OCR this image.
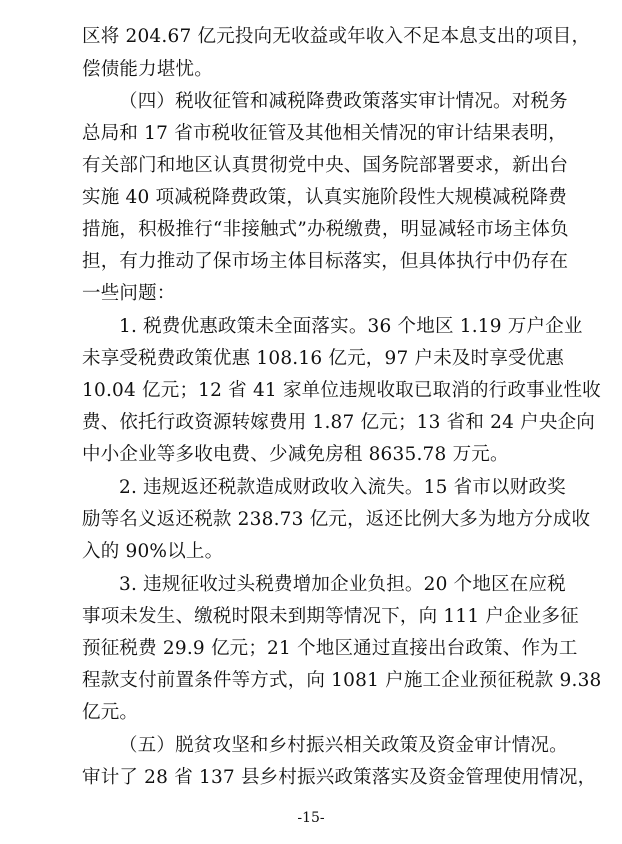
区将 204.67 亿元投向无收益或年收入不足本息支出的项目，
偿债能力堪忧。
（四）税收征管和减税降费政策落实审计情况。对税务
总局和 17 省市税收征管及其他相关情况的审计结果表明，
有关部门和地区认真贯彻党中央、国务院部署要求，新出台
实施 40 项减税降费政策，认真实施阶段性大规模减税降费
措施，积极推行“非接触式”办税缴费，明显减轻市场主体负
担，有力推动了保市场主体目标落实，但具体执行中仍存在
一些问题：
1. 税费优惠政策未全面落实。36 个地区 1.19 万户企业
未享受税费政策优惠 108.16 亿元，97 户未及时享受优惠
10.04 亿元；12 省 41 家单位违规收取已取消的行政事业性收
费、依托行政资源转嫁费用 1.87 亿元；13 省和 24 户央企向
中小企业等多收电费、少减免房租 8635.78 万元。
2. 违规返还税款造成财政收入流失。15 省市以财政奖
励等名义返还税款 238.73 亿元，返还比例大多为地方分成收
入的 90%以上。
3. 违规征收过头税费增加企业负担。20 个地区在应税
事项未发生、缴税时限未到期等情况下，向 111 户企业多征
预征税费 29.9 亿元；21 个地区通过直接出台政策、作为工
程款支付前置条件等方式，向 1081 户施工企业预征税款 9.38
亿元。
（五）脱贫攻坚和乡村振兴相关政策及资金审计情况。
-15-
审计了 28 省 137 县乡村振兴政策落实及资金管理使用情况，
